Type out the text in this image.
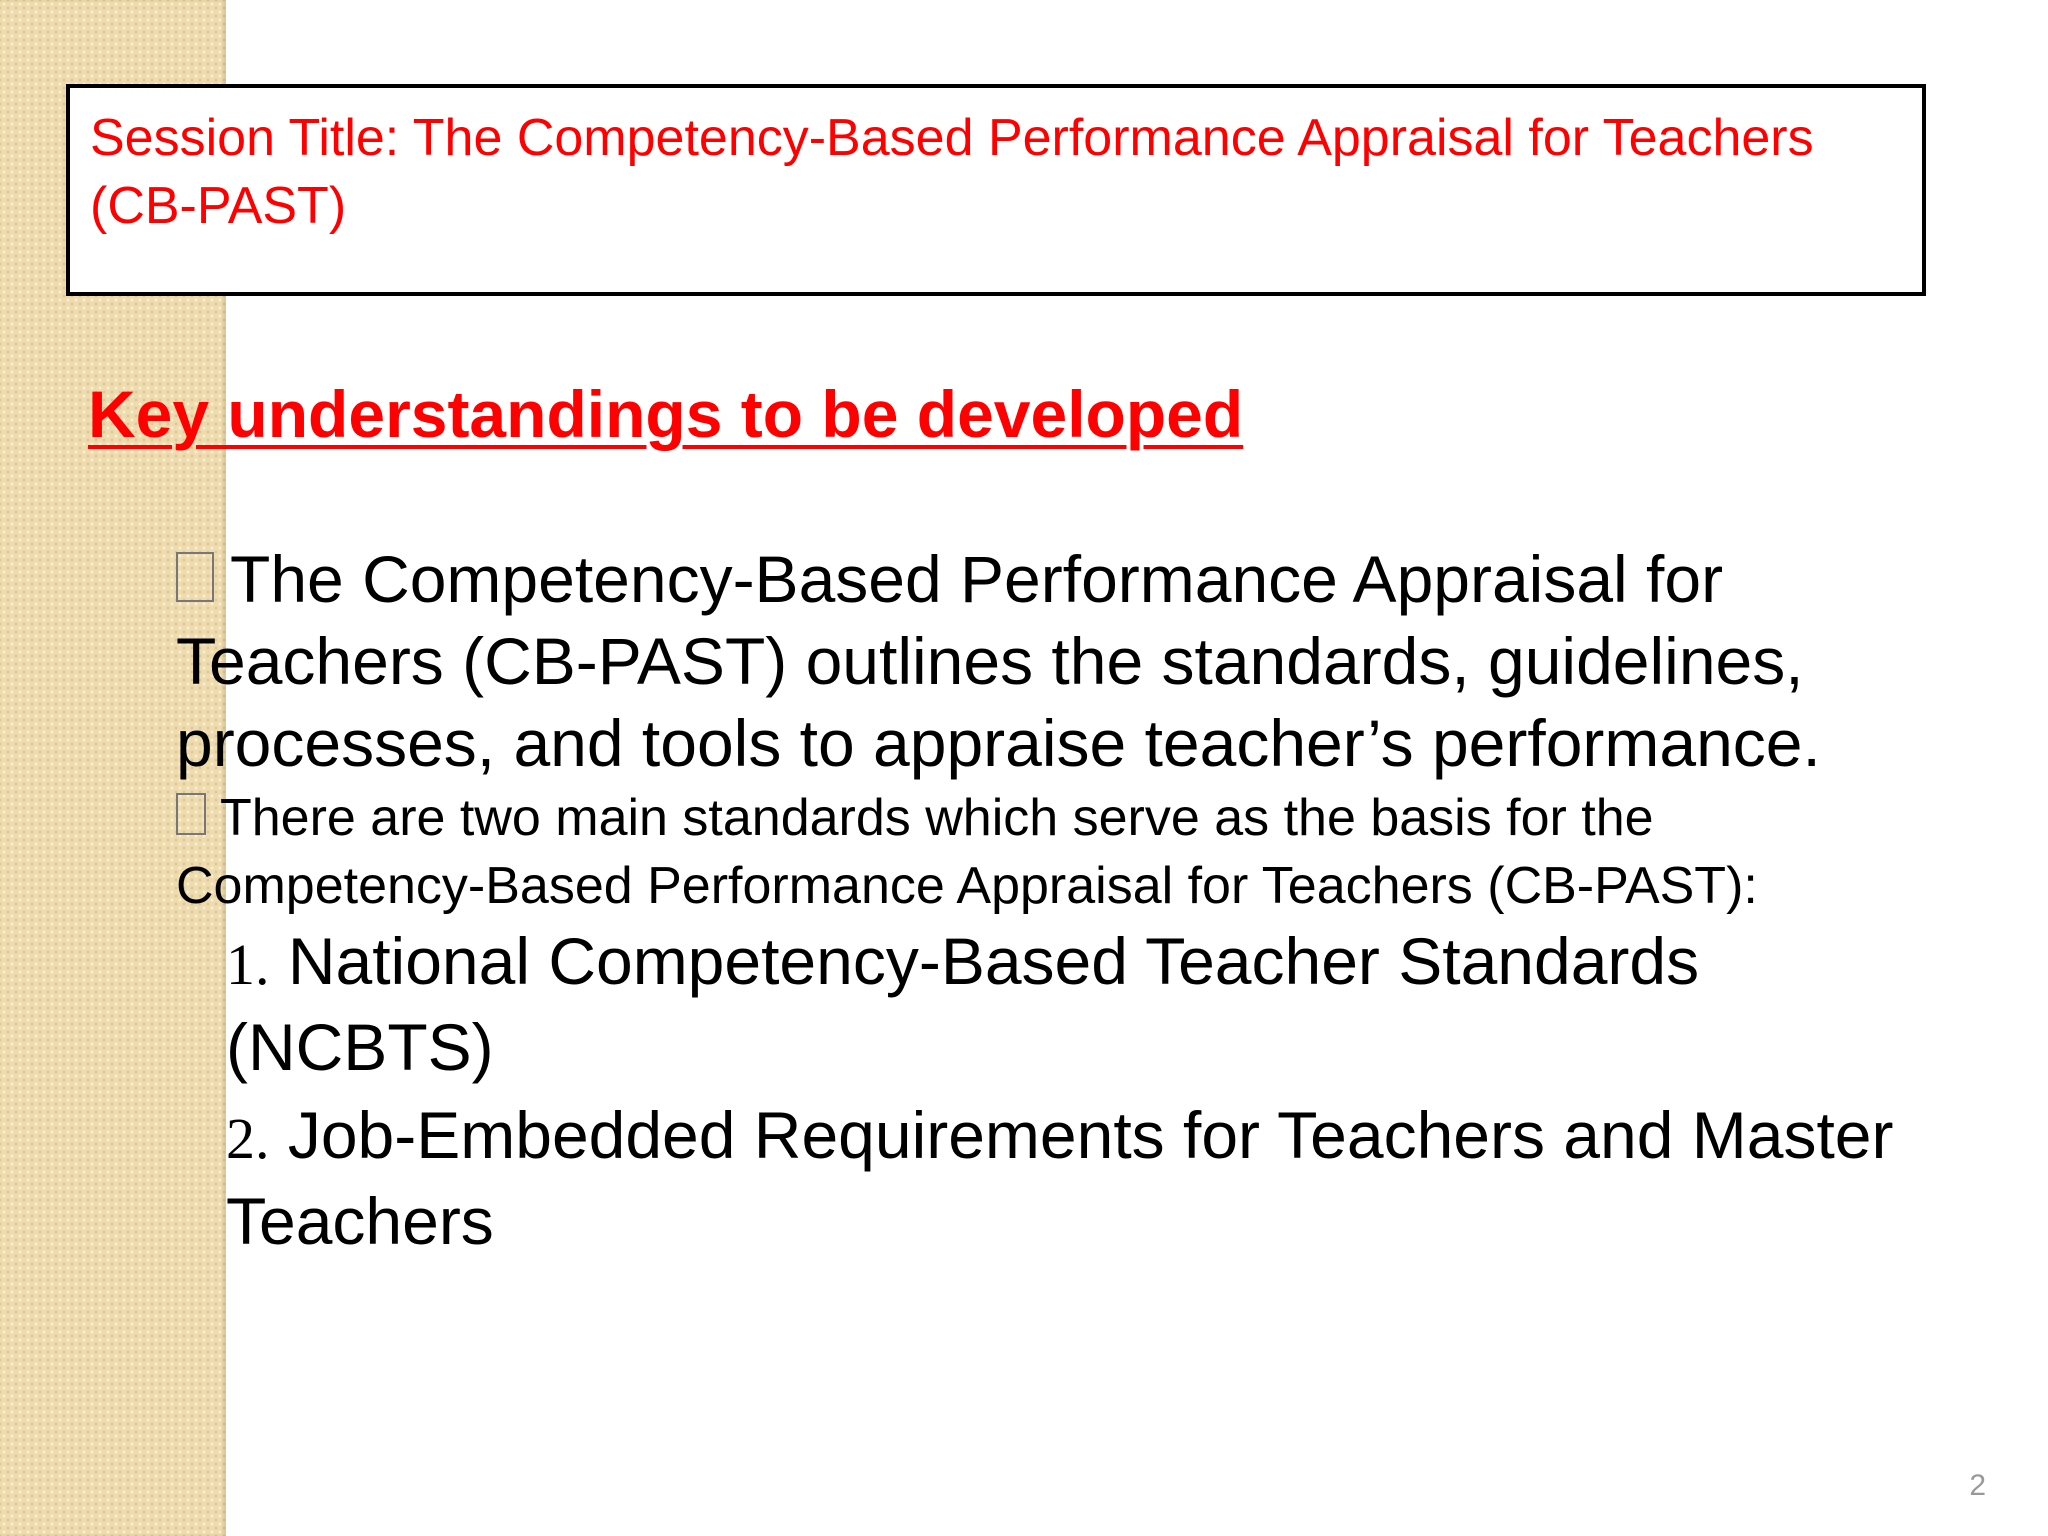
Session Title: The Competency-Based Performance Appraisal for Teachers (CB-PAST)

Key understandings to be developed

The Competency-Based Performance Appraisal for Teachers (CB-PAST) outlines the standards, guidelines, processes, and tools to appraise teacher’s performance.

There are two main standards which serve as the basis for the Competency-Based Performance Appraisal for Teachers (CB-PAST):

1. National Competency-Based Teacher Standards (NCBTS)
2. Job-Embedded Requirements for Teachers and Master Teachers
2
